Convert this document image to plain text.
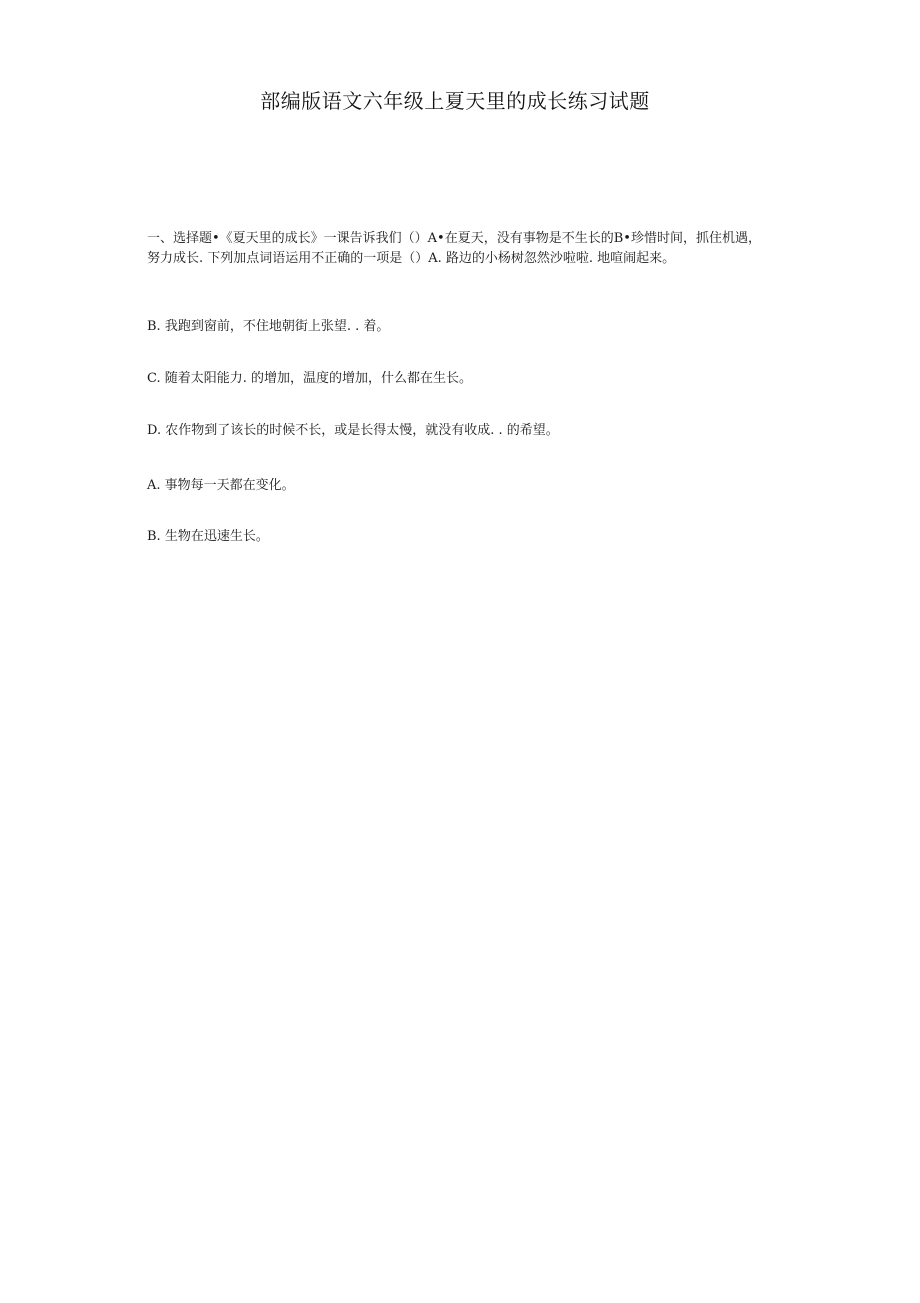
部编版语文六年级上夏天里的成长练习试题
一、选择题•《夏天里的成长》一课告诉我们（）A•在夏天，没有事物是不生长的B•珍惜时间，抓住机遇，努力成长. 下列加点词语运用不正确的一项是（）A. 路边的小杨树忽然沙啦啦. 地喧闹起来。
B. 我跑到窗前，不住地朝街上张望. . 着。
C. 随着太阳能力. 的增加，温度的增加，什么都在生长。
D. 农作物到了该长的时候不长，或是长得太慢，就没有收成. . 的希望。
A. 事物每一天都在变化。
B. 生物在迅速生长。
